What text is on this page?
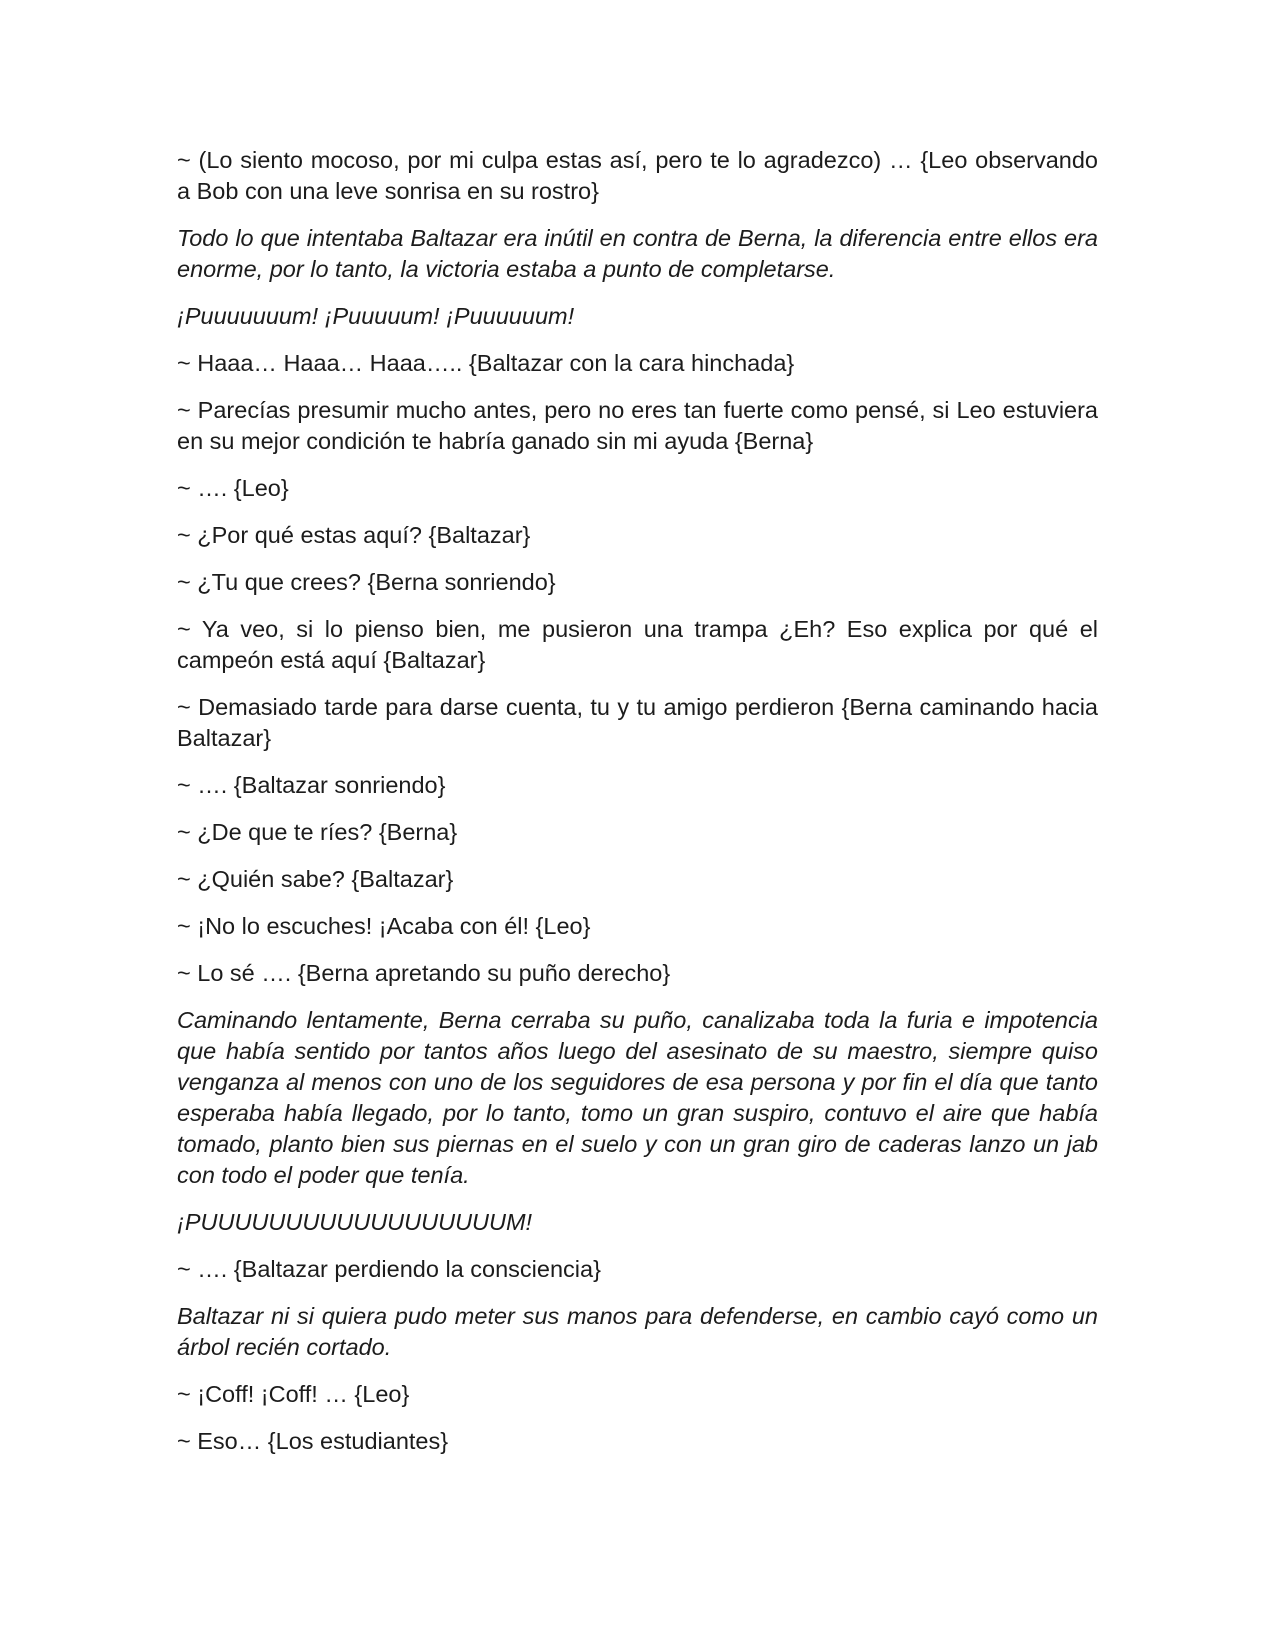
~ (Lo siento mocoso, por mi culpa estas así, pero te lo agradezco) … {Leo observando a Bob con una leve sonrisa en su rostro}

Todo lo que intentaba Baltazar era inútil en contra de Berna, la diferencia entre ellos era enorme, por lo tanto, la victoria estaba a punto de completarse.

¡Puuuuuuum! ¡Puuuuum! ¡Puuuuuum!

~ Haaa… Haaa… Haaa….. {Baltazar con la cara hinchada}

~ Parecías presumir mucho antes, pero no eres tan fuerte como pensé, si Leo estuviera en su mejor condición te habría ganado sin mi ayuda {Berna}

~ …. {Leo}

~ ¿Por qué estas aquí? {Baltazar}

~ ¿Tu que crees? {Berna sonriendo}

~ Ya veo, si lo pienso bien, me pusieron una trampa ¿Eh? Eso explica por qué el campeón está aquí {Baltazar}

~ Demasiado tarde para darse cuenta, tu y tu amigo perdieron {Berna caminando hacia Baltazar}

~ …. {Baltazar sonriendo}

~ ¿De que te ríes? {Berna}

~ ¿Quién sabe? {Baltazar}

~ ¡No lo escuches! ¡Acaba con él! {Leo}

~ Lo sé …. {Berna apretando su puño derecho}

Caminando lentamente, Berna cerraba su puño, canalizaba toda la furia e impotencia que había sentido por tantos años luego del asesinato de su maestro, siempre quiso venganza al menos con uno de los seguidores de esa persona y por fin el día que tanto esperaba había llegado, por lo tanto, tomo un gran suspiro, contuvo el aire que había tomado, planto bien sus piernas en el suelo y con un gran giro de caderas lanzo un jab con todo el poder que tenía.

¡PUUUUUUUUUUUUUUUUUUM!

~ …. {Baltazar perdiendo la consciencia}

Baltazar ni si quiera pudo meter sus manos para defenderse, en cambio cayó como un árbol recién cortado.

~ ¡Coff! ¡Coff! … {Leo}

~ Eso… {Los estudiantes}
